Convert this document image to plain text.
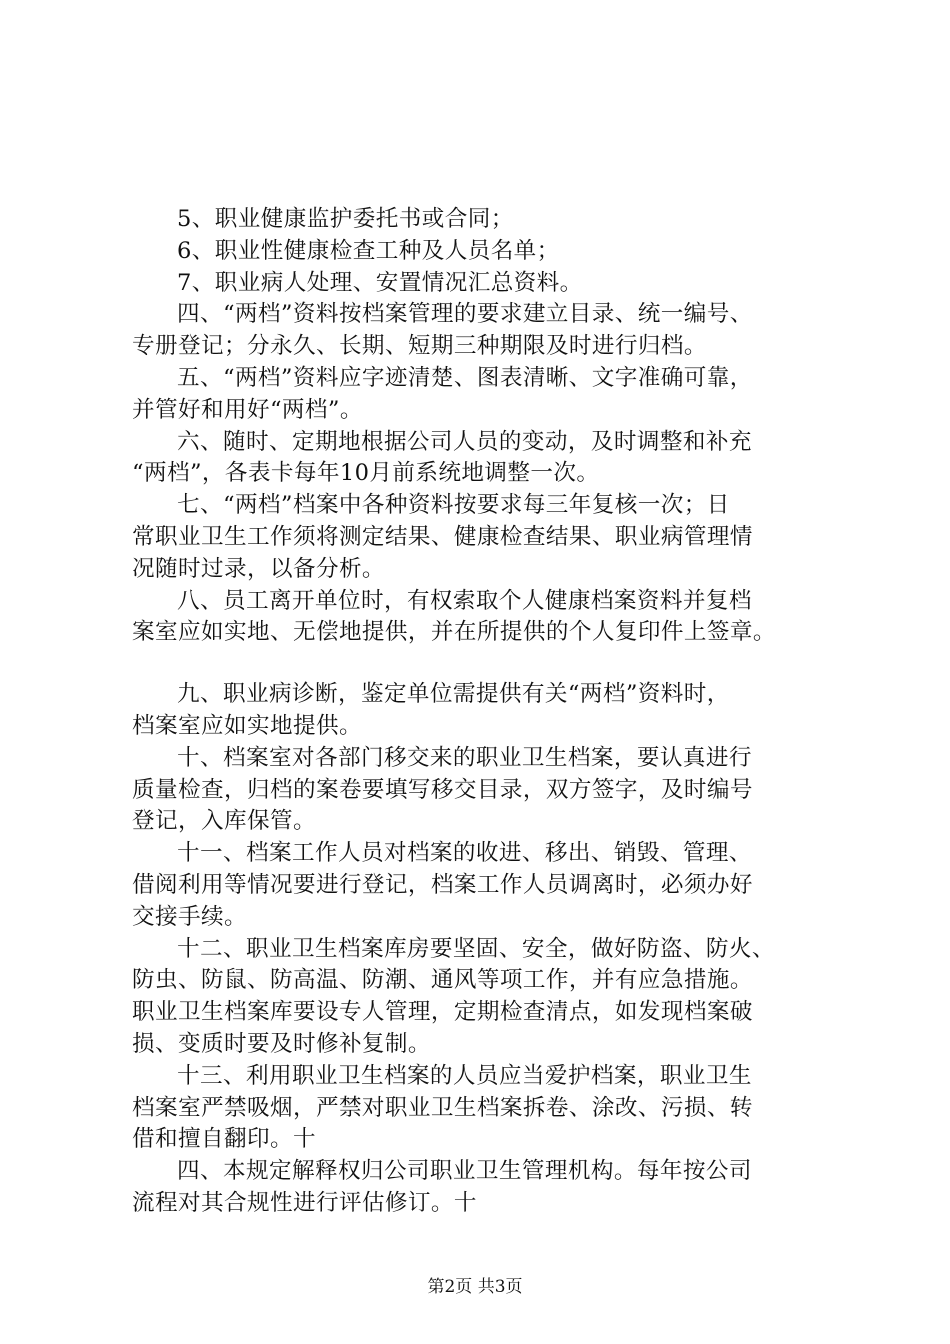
5、职业健康监护委托书或合同；
6、职业性健康检查工种及人员名单；
7、职业病人处理、安置情况汇总资料。
四、“两档”资料按档案管理的要求建立目录、统一编号、
专册登记；分永久、长期、短期三种期限及时进行归档。
五、“两档”资料应字迹清楚、图表清晰、文字准确可靠，
并管好和用好“两档”。
六、随时、定期地根据公司人员的变动，及时调整和补充
“两档”，各表卡每年10月前系统地调整一次。
七、“两档”档案中各种资料按要求每三年复核一次；日
常职业卫生工作须将测定结果、健康检查结果、职业病管理情
况随时过录，以备分析。
八、员工离开单位时，有权索取个人健康档案资料并复档
案室应如实地、无偿地提供，并在所提供的个人复印件上签章。
九、职业病诊断，鉴定单位需提供有关“两档”资料时，
档案室应如实地提供。
十、档案室对各部门移交来的职业卫生档案，要认真进行
质量检查，归档的案卷要填写移交目录，双方签字，及时编号
登记，入库保管。
十一、档案工作人员对档案的收进、移出、销毁、管理、
借阅利用等情况要进行登记，档案工作人员调离时，必须办好
交接手续。
十二、职业卫生档案库房要坚固、安全，做好防盗、防火、
防虫、防鼠、防高温、防潮、通风等项工作，并有应急措施。
职业卫生档案库要设专人管理，定期检查清点，如发现档案破
损、变质时要及时修补复制。
十三、利用职业卫生档案的人员应当爱护档案，职业卫生
档案室严禁吸烟，严禁对职业卫生档案拆卷、涂改、污损、转
借和擅自翻印。十
四、本规定解释权归公司职业卫生管理机构。每年按公司
流程对其合规性进行评估修订。十
第2页 共3页
